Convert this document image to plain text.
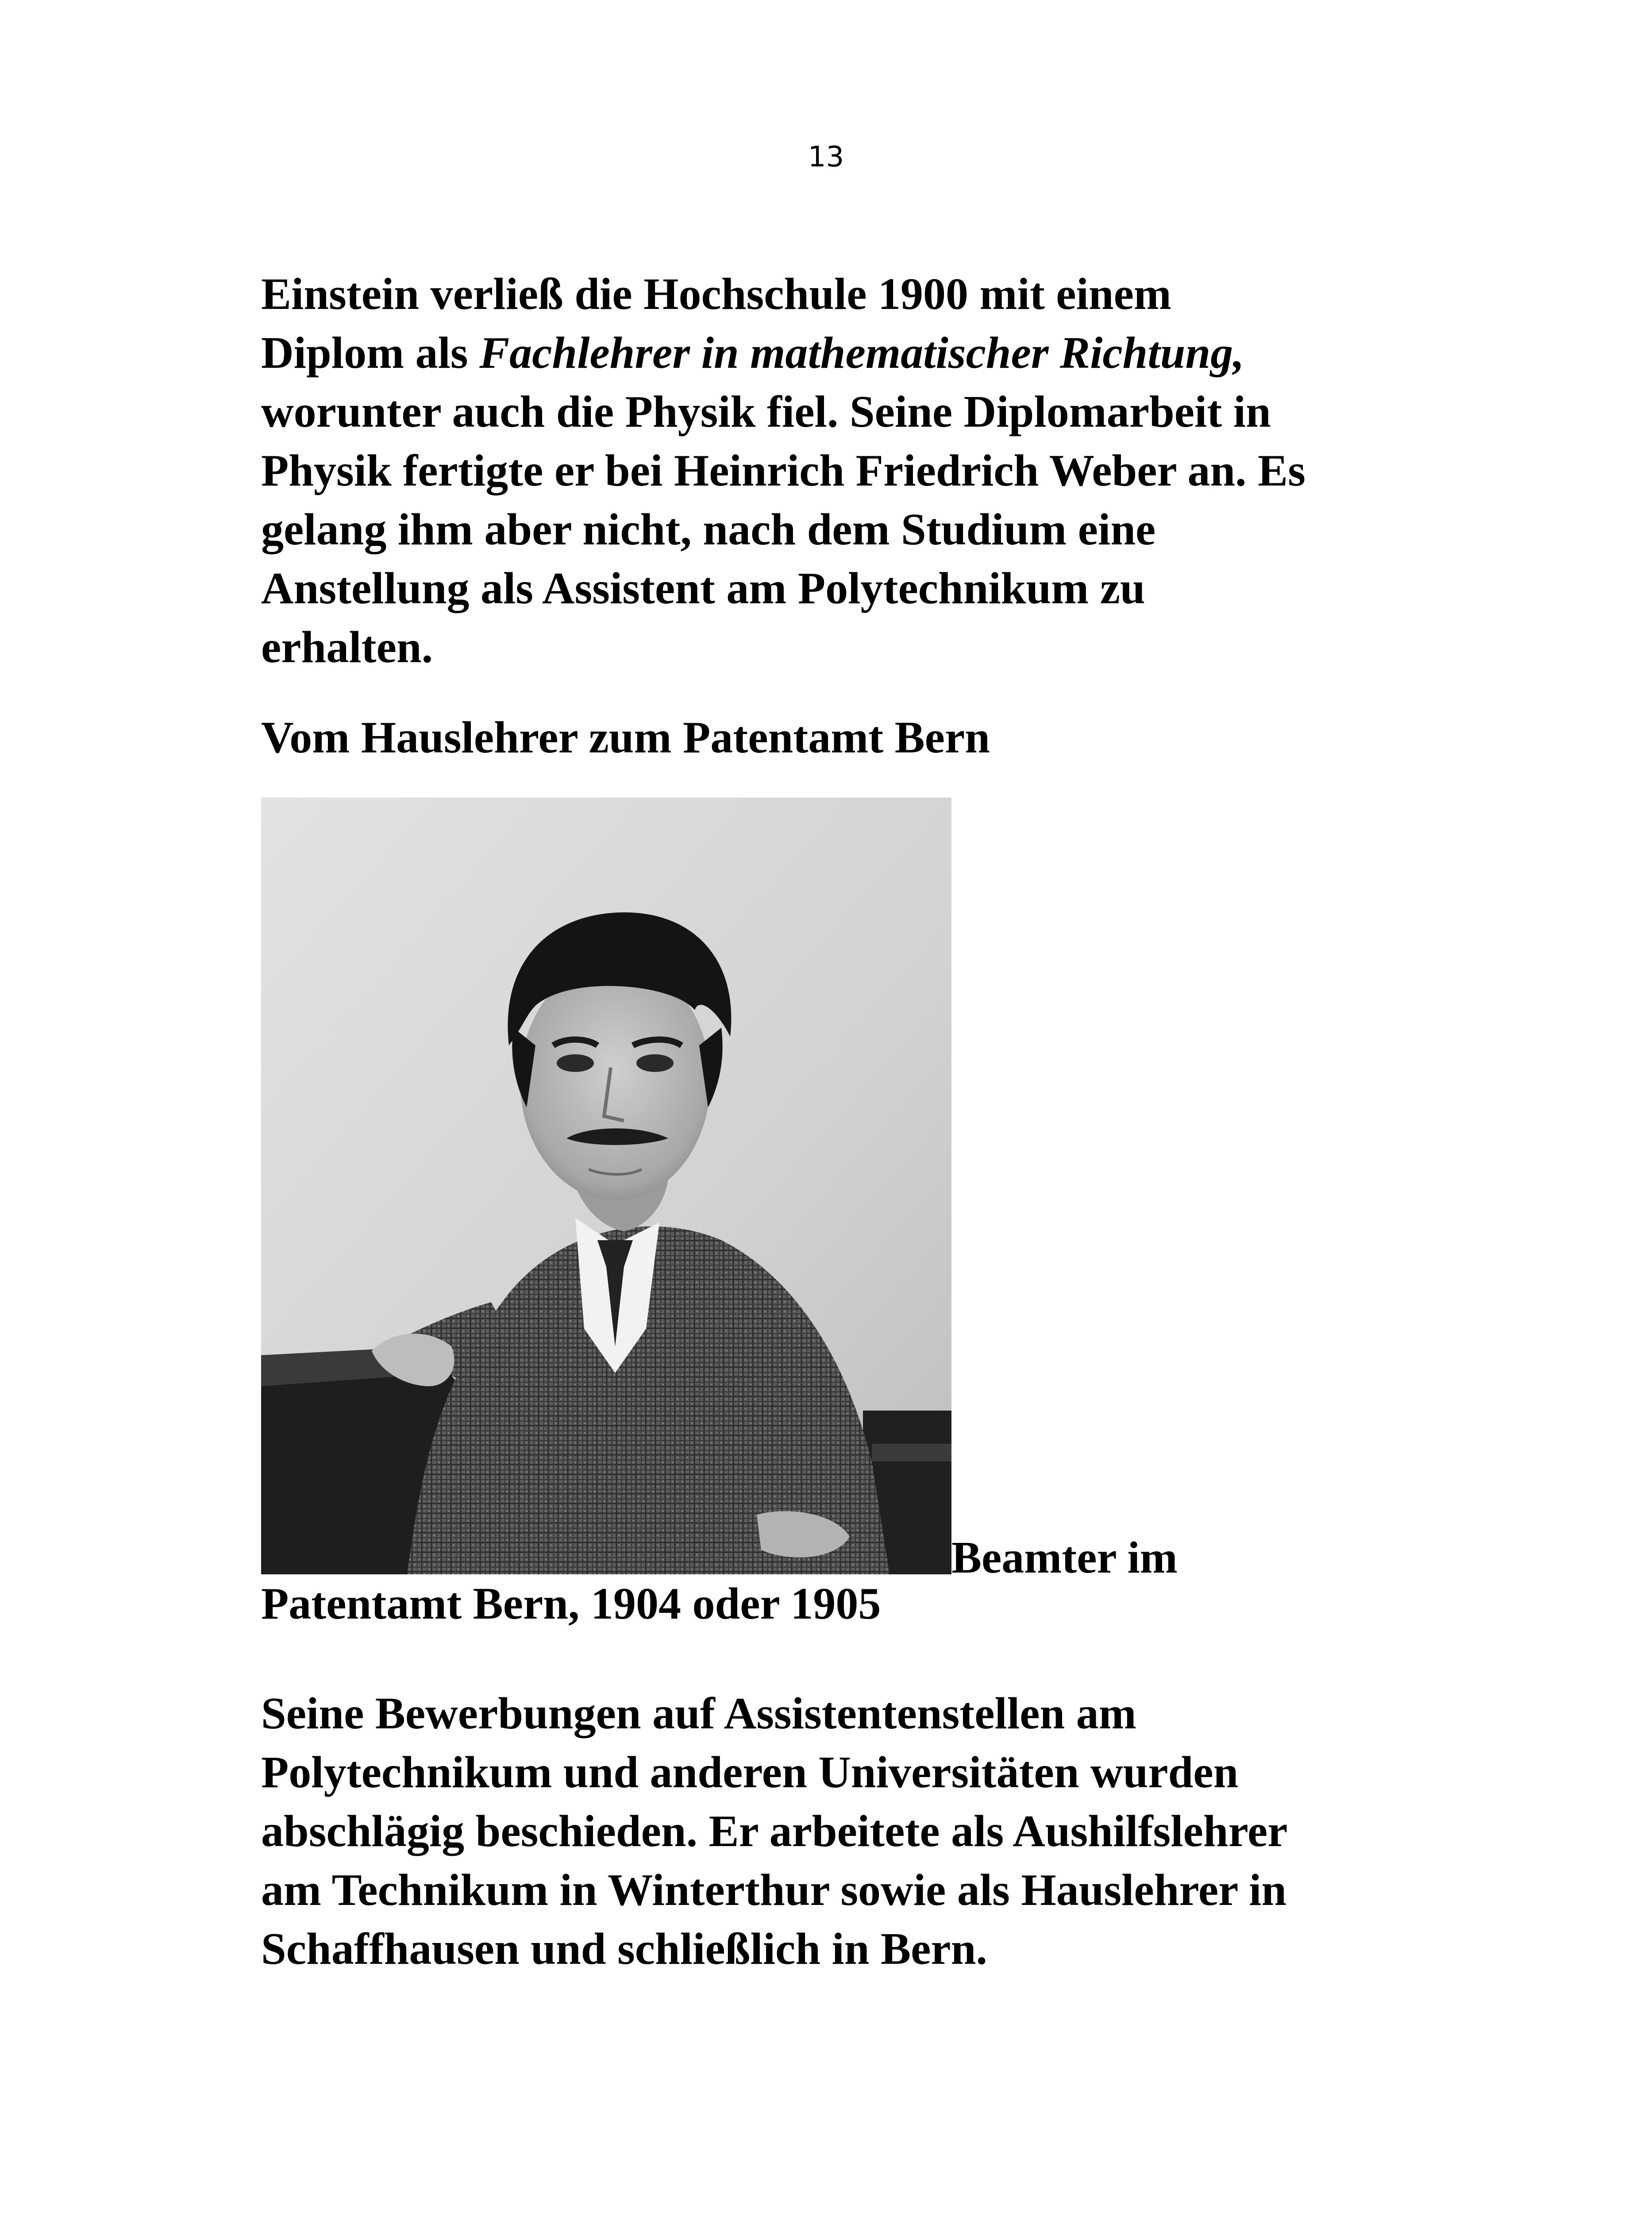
13

Einstein verließ die Hochschule 1900 mit einem

Diplom als Fachlehrer in mathematischer Richtung,

worunter auch die Physik fiel. Seine Diplomarbeit in

Physik fertigte er bei Heinrich Friedrich Weber an. Es

gelang ihm aber nicht, nach dem Studium eine

Anstellung als Assistent am Polytechnikum zu

erhalten.

Vom Hauslehrer zum Patentamt Bern
Beamter im

Patentamt Bern, 1904 oder 1905

Seine Bewerbungen auf Assistentenstellen am

Polytechnikum und anderen Universitäten wurden

abschlägig beschieden. Er arbeitete als Aushilfslehrer

am Technikum in Winterthur sowie als Hauslehrer in

Schaffhausen und schließlich in Bern.
